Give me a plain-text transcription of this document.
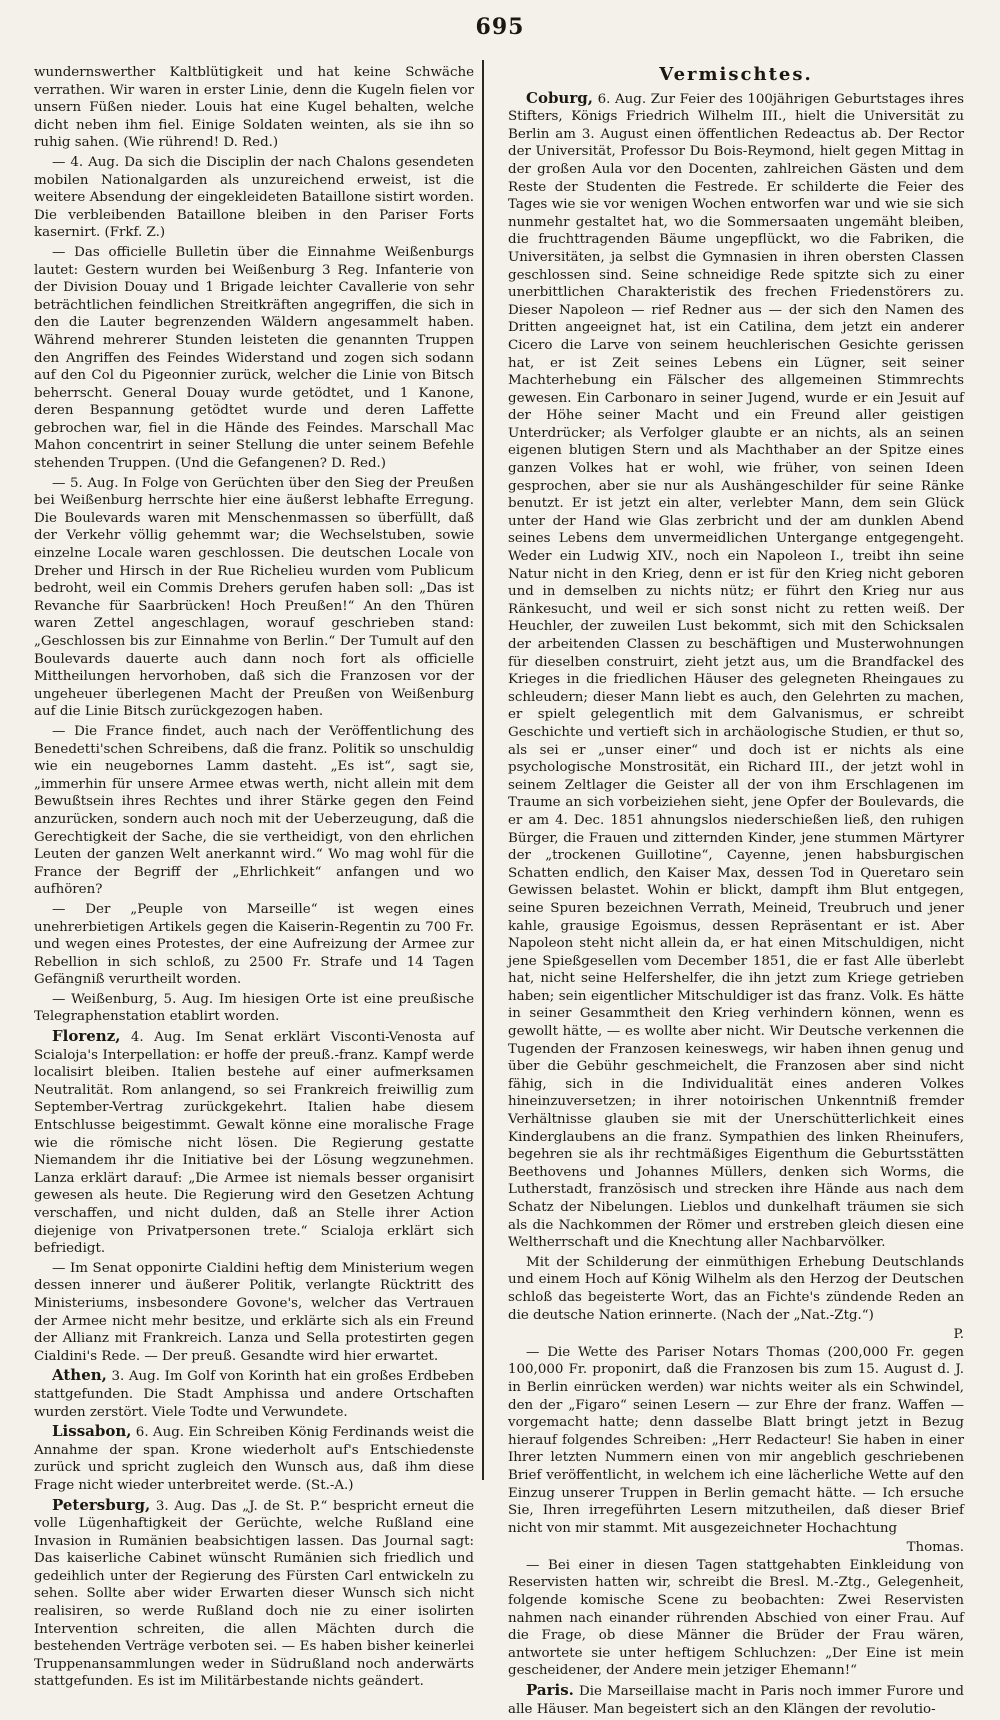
695

wundernswerther Kaltblütigkeit und hat keine Schwäche verrathen. Wir waren in erster Linie, denn die Kugeln fielen vor unsern Füßen nieder. Louis hat eine Kugel behalten, welche dicht neben ihm fiel. Einige Soldaten weinten, als sie ihn so ruhig sahen. (Wie rührend! D. Red.)

— 4. Aug. Da sich die Disciplin der nach Chalons gesendeten mobilen Nationalgarden als unzureichend erweist, ist die weitere Absendung der eingekleideten Bataillone sistirt worden. Die verbleibenden Bataillone bleiben in den Pariser Forts kasernirt. (Frkf. Z.)

— Das officielle Bulletin über die Einnahme Weißenburgs lautet: Gestern wurden bei Weißenburg 3 Reg. Infanterie von der Division Douay und 1 Brigade leichter Cavallerie von sehr beträchtlichen feindlichen Streitkräften angegriffen, die sich in den die Lauter begrenzenden Wäldern angesammelt haben. Während mehrerer Stunden leisteten die genannten Truppen den Angriffen des Feindes Widerstand und zogen sich sodann auf den Col du Pigeonnier zurück, welcher die Linie von Bitsch beherrscht. General Douay wurde getödtet, und 1 Kanone, deren Bespannung getödtet wurde und deren Laffette gebrochen war, fiel in die Hände des Feindes. Marschall Mac Mahon concentrirt in seiner Stellung die unter seinem Befehle stehenden Truppen. (Und die Gefangenen? D. Red.)

— 5. Aug. In Folge von Gerüchten über den Sieg der Preußen bei Weißenburg herrschte hier eine äußerst lebhafte Erregung. Die Boulevards waren mit Menschenmassen so überfüllt, daß der Verkehr völlig gehemmt war; die Wechselstuben, sowie einzelne Locale waren geschlossen. Die deutschen Locale von Dreher und Hirsch in der Rue Richelieu wurden vom Publicum bedroht, weil ein Commis Drehers gerufen haben soll: „Das ist Revanche für Saarbrücken! Hoch Preußen!“ An den Thüren waren Zettel angeschlagen, worauf geschrieben stand: „Geschlossen bis zur Einnahme von Berlin.“ Der Tumult auf den Boulevards dauerte auch dann noch fort als officielle Mittheilungen hervorhoben, daß sich die Franzosen vor der ungeheuer überlegenen Macht der Preußen von Weißenburg auf die Linie Bitsch zurückgezogen haben.

— Die France findet, auch nach der Veröffentlichung des Benedetti'schen Schreibens, daß die franz. Politik so unschuldig wie ein neugebornes Lamm dasteht. „Es ist“, sagt sie, „immerhin für unsere Armee etwas werth, nicht allein mit dem Bewußtsein ihres Rechtes und ihrer Stärke gegen den Feind anzurücken, sondern auch noch mit der Ueberzeugung, daß die Gerechtigkeit der Sache, die sie vertheidigt, von den ehrlichen Leuten der ganzen Welt anerkannt wird.“ Wo mag wohl für die France der Begriff der „Ehrlichkeit“ anfangen und wo aufhören?

— Der „Peuple von Marseille“ ist wegen eines unehrerbietigen Artikels gegen die Kaiserin-Regentin zu 700 Fr. und wegen eines Protestes, der eine Aufreizung der Armee zur Rebellion in sich schloß, zu 2500 Fr. Strafe und 14 Tagen Gefängniß verurtheilt worden.

— Weißenburg, 5. Aug. Im hiesigen Orte ist eine preußische Telegraphenstation etablirt worden.

Florenz, 4. Aug. Im Senat erklärt Visconti-Venosta auf Scialoja's Interpellation: er hoffe der preuß.-franz. Kampf werde localisirt bleiben. Italien bestehe auf einer aufmerksamen Neutralität. Rom anlangend, so sei Frankreich freiwillig zum September-Vertrag zurückgekehrt. Italien habe diesem Entschlusse beigestimmt. Gewalt könne eine moralische Frage wie die römische nicht lösen. Die Regierung gestatte Niemandem ihr die Initiative bei der Lösung wegzunehmen. Lanza erklärt darauf: „Die Armee ist niemals besser organisirt gewesen als heute. Die Regierung wird den Gesetzen Achtung verschaffen, und nicht dulden, daß an Stelle ihrer Action diejenige von Privatpersonen trete.“ Scialoja erklärt sich befriedigt.

— Im Senat opponirte Cialdini heftig dem Ministerium wegen dessen innerer und äußerer Politik, verlangte Rücktritt des Ministeriums, insbesondere Govone's, welcher das Vertrauen der Armee nicht mehr besitze, und erklärte sich als ein Freund der Allianz mit Frankreich. Lanza und Sella protestirten gegen Cialdini's Rede. — Der preuß. Gesandte wird hier erwartet.

Athen, 3. Aug. Im Golf von Korinth hat ein großes Erdbeben stattgefunden. Die Stadt Amphissa und andere Ortschaften wurden zerstört. Viele Todte und Verwundete.

Lissabon, 6. Aug. Ein Schreiben König Ferdinands weist die Annahme der span. Krone wiederholt auf's Entschiedenste zurück und spricht zugleich den Wunsch aus, daß ihm diese Frage nicht wieder unterbreitet werde. (St.-A.)

Petersburg, 3. Aug. Das „J. de St. P.“ bespricht erneut die volle Lügenhaftigkeit der Gerüchte, welche Rußland eine Invasion in Rumänien beabsichtigen lassen. Das Journal sagt: Das kaiserliche Cabinet wünscht Rumänien sich friedlich und gedeihlich unter der Regierung des Fürsten Carl entwickeln zu sehen. Sollte aber wider Erwarten dieser Wunsch sich nicht realisiren, so werde Rußland doch nie zu einer isolirten Intervention schreiten, die allen Mächten durch die bestehenden Verträge verboten sei. — Es haben bisher keinerlei Truppenansammlungen weder in Südrußland noch anderwärts stattgefunden. Es ist im Militärbestande nichts geändert.

Vermischtes.

Coburg, 6. Aug. Zur Feier des 100jährigen Geburtstages ihres Stifters, Königs Friedrich Wilhelm III., hielt die Universität zu Berlin am 3. August einen öffentlichen Redeactus ab. Der Rector der Universität, Professor Du Bois-Reymond, hielt gegen Mittag in der großen Aula vor den Docenten, zahlreichen Gästen und dem Reste der Studenten die Festrede. Er schilderte die Feier des Tages wie sie vor wenigen Wochen entworfen war und wie sie sich nunmehr gestaltet hat, wo die Sommersaaten ungemäht bleiben, die fruchttragenden Bäume ungepflückt, wo die Fabriken, die Universitäten, ja selbst die Gymnasien in ihren obersten Classen geschlossen sind. Seine schneidige Rede spitzte sich zu einer unerbittlichen Charakteristik des frechen Friedenstörers zu. Dieser Napoleon — rief Redner aus — der sich den Namen des Dritten angeeignet hat, ist ein Catilina, dem jetzt ein anderer Cicero die Larve von seinem heuchlerischen Gesichte gerissen hat, er ist Zeit seines Lebens ein Lügner, seit seiner Machterhebung ein Fälscher des allgemeinen Stimmrechts gewesen. Ein Carbonaro in seiner Jugend, wurde er ein Jesuit auf der Höhe seiner Macht und ein Freund aller geistigen Unterdrücker; als Verfolger glaubte er an nichts, als an seinen eigenen blutigen Stern und als Machthaber an der Spitze eines ganzen Volkes hat er wohl, wie früher, von seinen Ideen gesprochen, aber sie nur als Aushängeschilder für seine Ränke benutzt. Er ist jetzt ein alter, verlebter Mann, dem sein Glück unter der Hand wie Glas zerbricht und der am dunklen Abend seines Lebens dem unvermeidlichen Untergange entgegengeht. Weder ein Ludwig XIV., noch ein Napoleon I., treibt ihn seine Natur nicht in den Krieg, denn er ist für den Krieg nicht geboren und in demselben zu nichts nütz; er führt den Krieg nur aus Ränkesucht, und weil er sich sonst nicht zu retten weiß. Der Heuchler, der zuweilen Lust bekommt, sich mit den Schicksalen der arbeitenden Classen zu beschäftigen und Musterwohnungen für dieselben construirt, zieht jetzt aus, um die Brandfackel des Krieges in die friedlichen Häuser des gelegneten Rheingaues zu schleudern; dieser Mann liebt es auch, den Gelehrten zu machen, er spielt gelegentlich mit dem Galvanismus, er schreibt Geschichte und vertieft sich in archäologische Studien, er thut so, als sei er „unser einer“ und doch ist er nichts als eine psychologische Monstrosität, ein Richard III., der jetzt wohl in seinem Zeltlager die Geister all der von ihm Erschlagenen im Traume an sich vorbeiziehen sieht, jene Opfer der Boulevards, die er am 4. Dec. 1851 ahnungslos niederschießen ließ, den ruhigen Bürger, die Frauen und zitternden Kinder, jene stummen Märtyrer der „trockenen Guillotine“, Cayenne, jenen habsburgischen Schatten endlich, den Kaiser Max, dessen Tod in Queretaro sein Gewissen belastet. Wohin er blickt, dampft ihm Blut entgegen, seine Spuren bezeichnen Verrath, Meineid, Treubruch und jener kahle, grausige Egoismus, dessen Repräsentant er ist. Aber Napoleon steht nicht allein da, er hat einen Mitschuldigen, nicht jene Spießgesellen vom December 1851, die er fast Alle überlebt hat, nicht seine Helfershelfer, die ihn jetzt zum Kriege getrieben haben; sein eigentlicher Mitschuldiger ist das franz. Volk. Es hätte in seiner Gesammtheit den Krieg verhindern können, wenn es gewollt hätte, — es wollte aber nicht. Wir Deutsche verkennen die Tugenden der Franzosen keineswegs, wir haben ihnen genug und über die Gebühr geschmeichelt, die Franzosen aber sind nicht fähig, sich in die Individualität eines anderen Volkes hineinzuversetzen; in ihrer notoirischen Unkenntniß fremder Verhältnisse glauben sie mit der Unerschütterlichkeit eines Kinderglaubens an die franz. Sympathien des linken Rheinufers, begehren sie als ihr rechtmäßiges Eigenthum die Geburtsstätten Beethovens und Johannes Müllers, denken sich Worms, die Lutherstadt, französisch und strecken ihre Hände aus nach dem Schatz der Nibelungen. Lieblos und dunkelhaft träumen sie sich als die Nachkommen der Römer und erstreben gleich diesen eine Weltherrschaft und die Knechtung aller Nachbarvölker.

Mit der Schilderung der einmüthigen Erhebung Deutschlands und einem Hoch auf König Wilhelm als den Herzog der Deutschen schloß das begeisterte Wort, das an Fichte's zündende Reden an die deutsche Nation erinnerte. (Nach der „Nat.-Ztg.“)

P.

— Die Wette des Pariser Notars Thomas (200,000 Fr. gegen 100,000 Fr. proponirt, daß die Franzosen bis zum 15. August d. J. in Berlin einrücken werden) war nichts weiter als ein Schwindel, den der „Figaro“ seinen Lesern — zur Ehre der franz. Waffen — vorgemacht hatte; denn dasselbe Blatt bringt jetzt in Bezug hierauf folgendes Schreiben: „Herr Redacteur! Sie haben in einer Ihrer letzten Nummern einen von mir angeblich geschriebenen Brief veröffentlicht, in welchem ich eine lächerliche Wette auf den Einzug unserer Truppen in Berlin gemacht hätte. — Ich ersuche Sie, Ihren irregeführten Lesern mitzutheilen, daß dieser Brief nicht von mir stammt. Mit ausgezeichneter Hochachtung

Thomas.

— Bei einer in diesen Tagen stattgehabten Einkleidung von Reservisten hatten wir, schreibt die Bresl. M.-Ztg., Gelegenheit, folgende komische Scene zu beobachten: Zwei Reservisten nahmen nach einander rührenden Abschied von einer Frau. Auf die Frage, ob diese Männer die Brüder der Frau wären, antwortete sie unter heftigem Schluchzen: „Der Eine ist mein gescheidener, der Andere mein jetziger Ehemann!“

Paris. Die Marseillaise macht in Paris noch immer Furore und alle Häuser. Man begeistert sich an den Klängen der revolutio-
